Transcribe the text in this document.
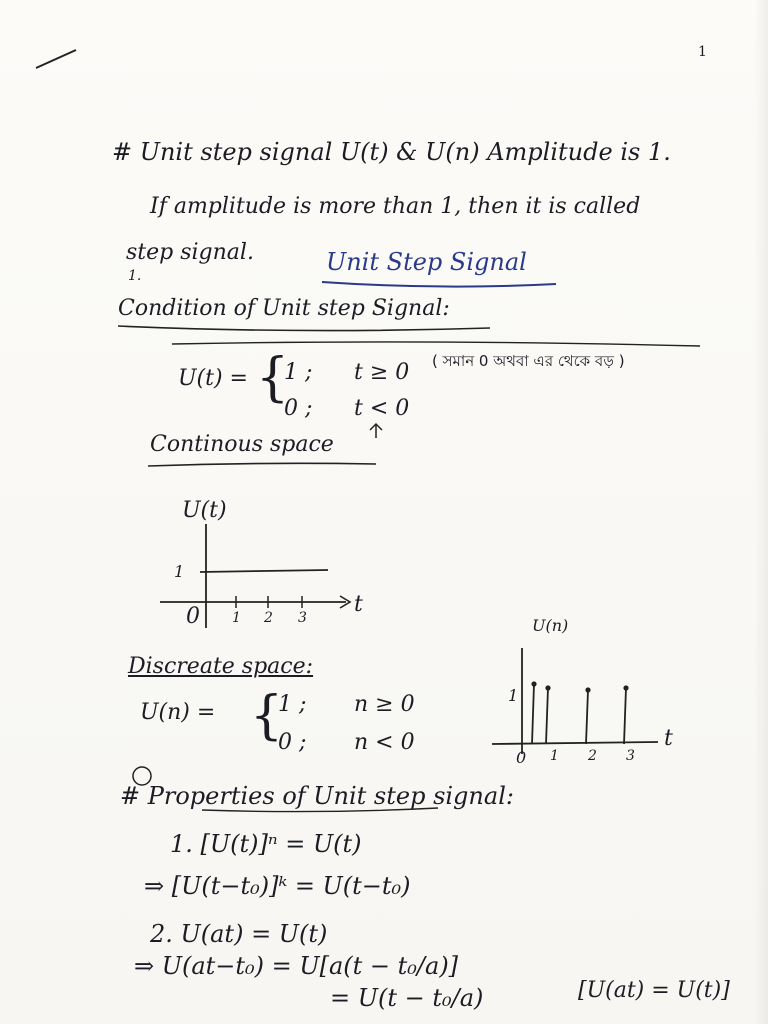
1
# Unit step signal U(t) & U(n) Amplitude is 1.
If amplitude is more than 1, then it is called
step signal.
1.	Unit Step Signal
Condition of Unit step Signal:
U(t) = {
1 ; t ≥ 0 ( সমান 0 অথবা এর থেকে বড় )
0 ; t < 0
Continous space
U(t)
1
0 1 2 3
t
Discreate space:
U(n) = {
1 ; n ≥ 0
0 ; n < 0
U(n)
1
0 1 2 3
t
# Properties of Unit step signal:
1. [U(t)]ⁿ = U(t)
⇒ [U(t−t₀)]ᵏ = U(t−t₀)
2. U(at) = U(t)
⇒ U(at−t₀) = U[a(t − t₀/a)]
= U(t − t₀/a)	[U(at) = U(t)]
